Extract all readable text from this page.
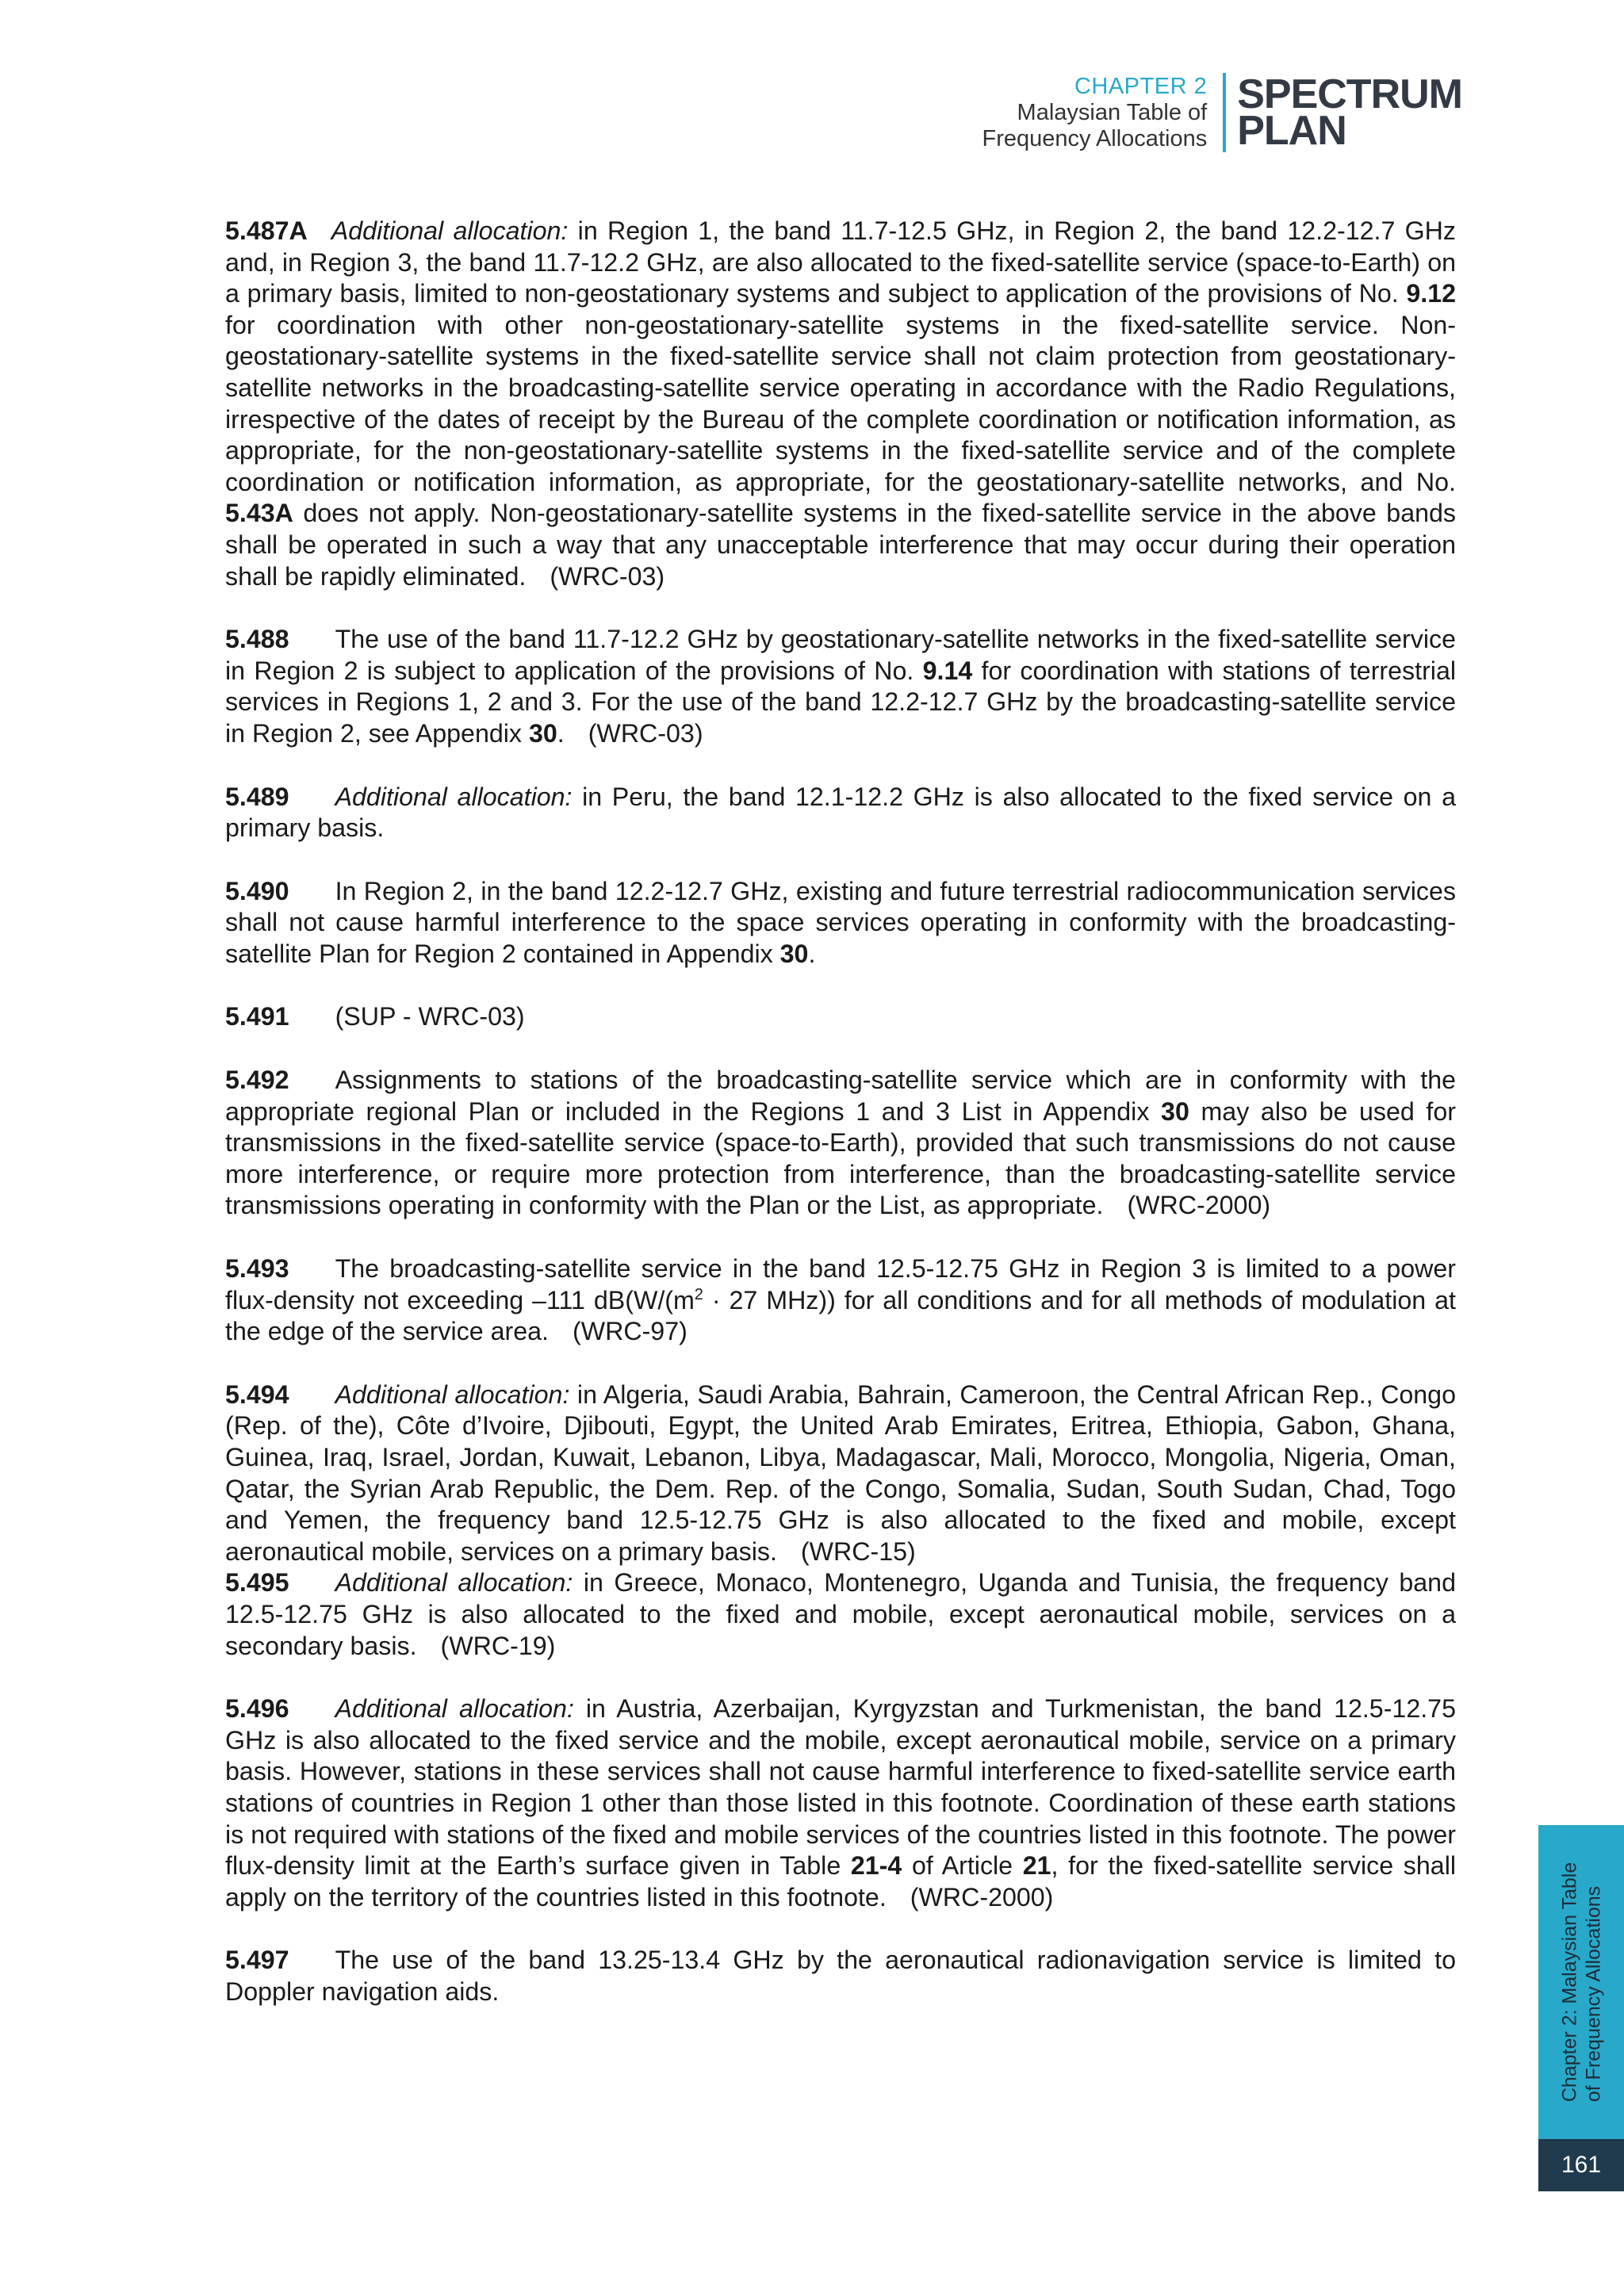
CHAPTER 2
Malaysian Table of
Frequency Allocations
SPECTRUM
PLAN

5.487A Additional allocation: in Region 1, the band 11.7-12.5 GHz, in Region 2, the band 12.2-12.7 GHz and, in Region 3, the band 11.7-12.2 GHz, are also allocated to the fixed-satellite service (space-to-Earth) on a primary basis, limited to non-geostationary systems and subject to application of the provisions of No. 9.12 for coordination with other non-geostationary-satellite systems in the fixed-satellite service. Non-geostationary-satellite systems in the fixed-satellite service shall not claim protection from geostationary-satellite networks in the broadcasting-satellite service operating in accordance with the Radio Regulations, irrespective of the dates of receipt by the Bureau of the complete coordination or notification information, as appropriate, for the non-geostationary-satellite systems in the fixed-satellite service and of the complete coordination or notification information, as appropriate, for the geostationary-satellite networks, and No. 5.43A does not apply. Non-geostationary-satellite systems in the fixed-satellite service in the above bands shall be operated in such a way that any unacceptable interference that may occur during their operation shall be rapidly eliminated. (WRC-03)

5.488 The use of the band 11.7-12.2 GHz by geostationary-satellite networks in the fixed-satellite service in Region 2 is subject to application of the provisions of No. 9.14 for coordination with stations of terrestrial services in Regions 1, 2 and 3. For the use of the band 12.2-12.7 GHz by the broadcasting-satellite service in Region 2, see Appendix 30. (WRC-03)

5.489 Additional allocation: in Peru, the band 12.1-12.2 GHz is also allocated to the fixed service on a primary basis.

5.490 In Region 2, in the band 12.2-12.7 GHz, existing and future terrestrial radiocommunication services shall not cause harmful interference to the space services operating in conformity with the broadcasting-satellite Plan for Region 2 contained in Appendix 30.

5.491 (SUP - WRC-03)

5.492 Assignments to stations of the broadcasting-satellite service which are in conformity with the appropriate regional Plan or included in the Regions 1 and 3 List in Appendix 30 may also be used for transmissions in the fixed-satellite service (space-to-Earth), provided that such transmissions do not cause more interference, or require more protection from interference, than the broadcasting-satellite service transmissions operating in conformity with the Plan or the List, as appropriate. (WRC-2000)

5.493 The broadcasting-satellite service in the band 12.5-12.75 GHz in Region 3 is limited to a power flux-density not exceeding –111 $dB(W/(m^2 \cdot 27$ MHz)) for all conditions and for all methods of modulation at the edge of the service area. (WRC-97)

5.494 Additional allocation: in Algeria, Saudi Arabia, Bahrain, Cameroon, the Central African Rep., Congo (Rep. of the), Côte d’Ivoire, Djibouti, Egypt, the United Arab Emirates, Eritrea, Ethiopia, Gabon, Ghana, Guinea, Iraq, Israel, Jordan, Kuwait, Lebanon, Libya, Madagascar, Mali, Morocco, Mongolia, Nigeria, Oman, Qatar, the Syrian Arab Republic, the Dem. Rep. of the Congo, Somalia, Sudan, South Sudan, Chad, Togo and Yemen, the frequency band 12.5-12.75 GHz is also allocated to the fixed and mobile, except aeronautical mobile, services on a primary basis. (WRC-15)

5.495 Additional allocation: in Greece, Monaco, Montenegro, Uganda and Tunisia, the frequency band 12.5-12.75 GHz is also allocated to the fixed and mobile, except aeronautical mobile, services on a secondary basis. (WRC-19)

5.496 Additional allocation: in Austria, Azerbaijan, Kyrgyzstan and Turkmenistan, the band 12.5-12.75 GHz is also allocated to the fixed service and the mobile, except aeronautical mobile, service on a primary basis. However, stations in these services shall not cause harmful interference to fixed-satellite service earth stations of countries in Region 1 other than those listed in this footnote. Coordination of these earth stations is not required with stations of the fixed and mobile services of the countries listed in this footnote. The power flux-density limit at the Earth’s surface given in Table 21-4 of Article 21, for the fixed-satellite service shall apply on the territory of the countries listed in this footnote. (WRC-2000)

5.497 The use of the band 13.25-13.4 GHz by the aeronautical radionavigation service is limited to Doppler navigation aids.	Chapter 2: Malaysian Table of Frequency Allocations
161
